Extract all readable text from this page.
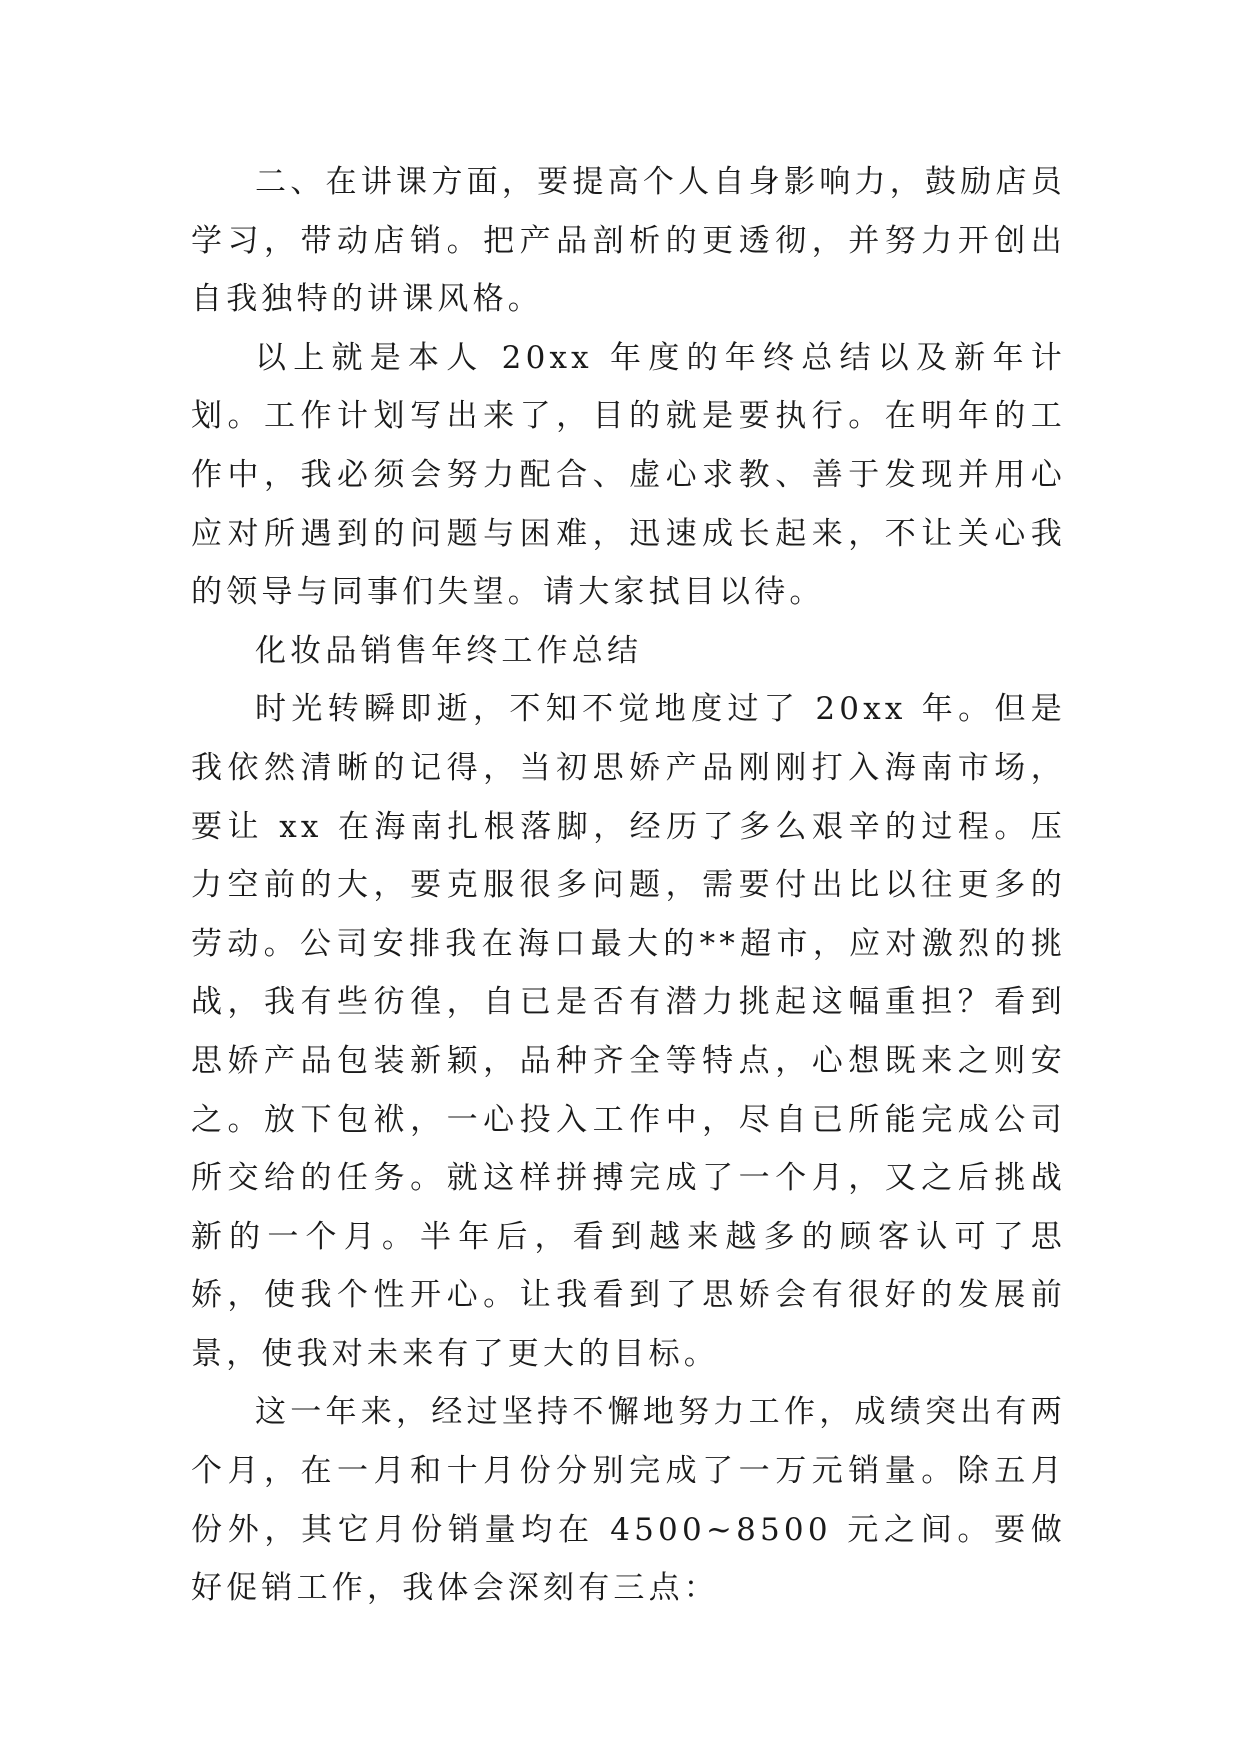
二、在讲课方面，要提高个人自身影响力，鼓励店员学习，带动店销。把产品剖析的更透彻，并努力开创出自我独特的讲课风格。

以上就是本人 20xx 年度的年终总结以及新年计划。工作计划写出来了，目的就是要执行。在明年的工作中，我必须会努力配合、虚心求教、善于发现并用心应对所遇到的问题与困难，迅速成长起来，不让关心我的领导与同事们失望。请大家拭目以待。

化妆品销售年终工作总结

时光转瞬即逝，不知不觉地度过了 20xx 年。但是我依然清晰的记得，当初思娇产品刚刚打入海南市场，要让 xx 在海南扎根落脚，经历了多么艰辛的过程。压力空前的大，要克服很多问题，需要付出比以往更多的劳动。公司安排我在海口最大的**超市，应对激烈的挑战，我有些彷徨，自已是否有潜力挑起这幅重担？看到思娇产品包装新颖，品种齐全等特点，心想既来之则安之。放下包袱，一心投入工作中，尽自已所能完成公司所交给的任务。就这样拼搏完成了一个月，又之后挑战新的一个月。半年后，看到越来越多的顾客认可了思娇，使我个性开心。让我看到了思娇会有很好的发展前景，使我对未来有了更大的目标。

这一年来，经过坚持不懈地努力工作，成绩突出有两个月，在一月和十月份分别完成了一万元销量。除五月份外，其它月份销量均在 4500~8500 元之间。要做好促销工作，我体会深刻有三点：
